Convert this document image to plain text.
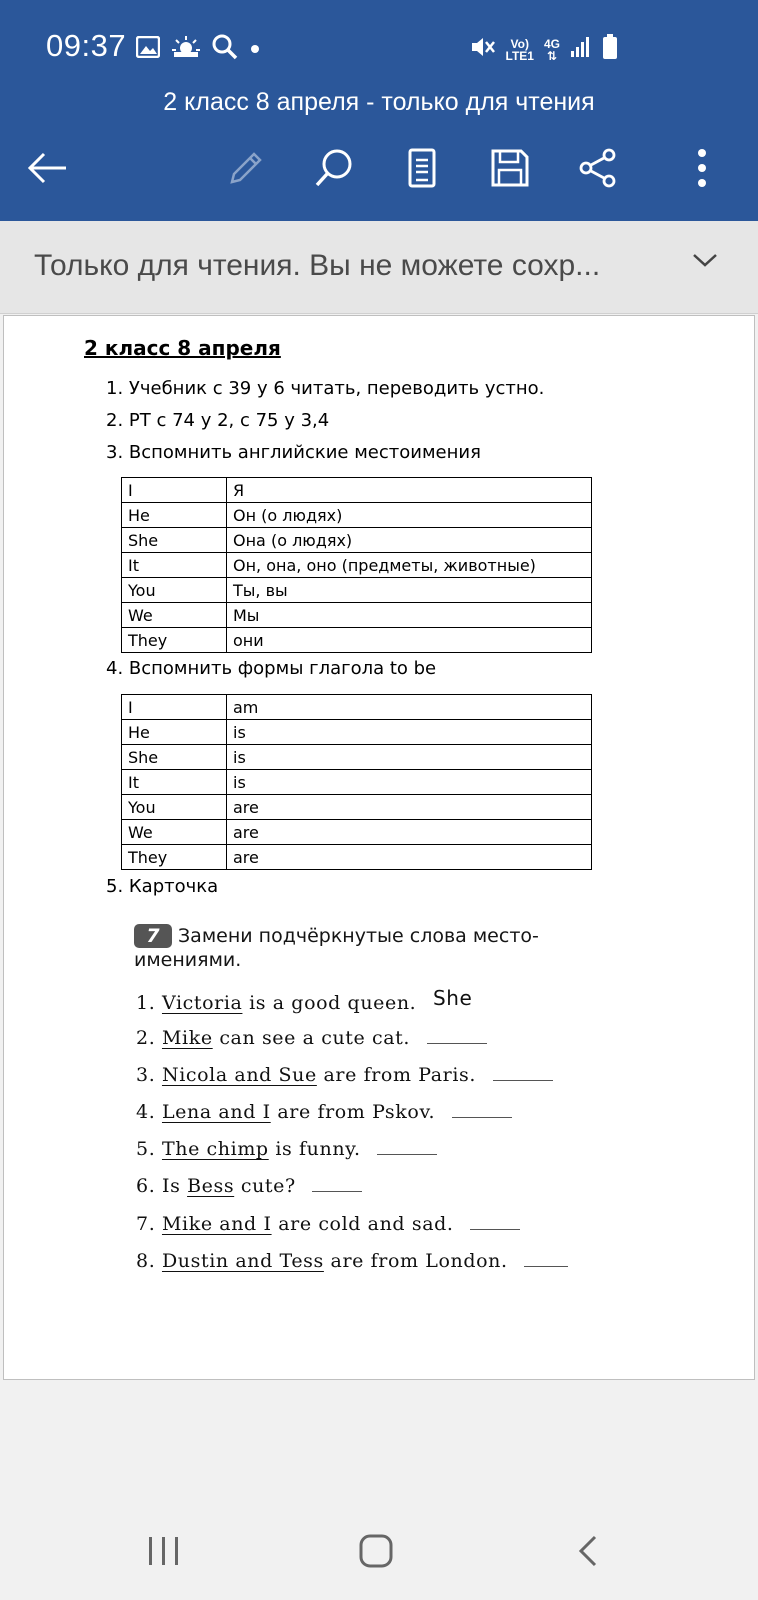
09:37	Vo)
LTE1
4G
⇅
2 класс 8 апреля - только для чтения
Только для чтения. Вы не можете сохр...
2 класс 8 апреля
1. Учебник с 39 у 6 читать, переводить устно.
2. РТ с 74 у 2, с 75 у 3,4
3. Вспомнить английские местоимения
I	Я
He	Он (о людях)
She	Она (о людях)
It	Он, она, оно (предметы, животные)
You	Ты, вы
We	Мы
They	они
4. Вспомнить формы глагола to be
I	am
He	is
She	is
It	is
You	are
We	are
They	are
5. Карточка
7 Замени подчёркнутые слова место-
имениями.
1. Victoria is a good queen. She
2. Mike can see a cute cat.
3. Nicola and Sue are from Paris.
4. Lena and I are from Pskov.
5. The chimp is funny.
6. Is Bess cute?
7. Mike and I are cold and sad.
8. Dustin and Tess are from London.
